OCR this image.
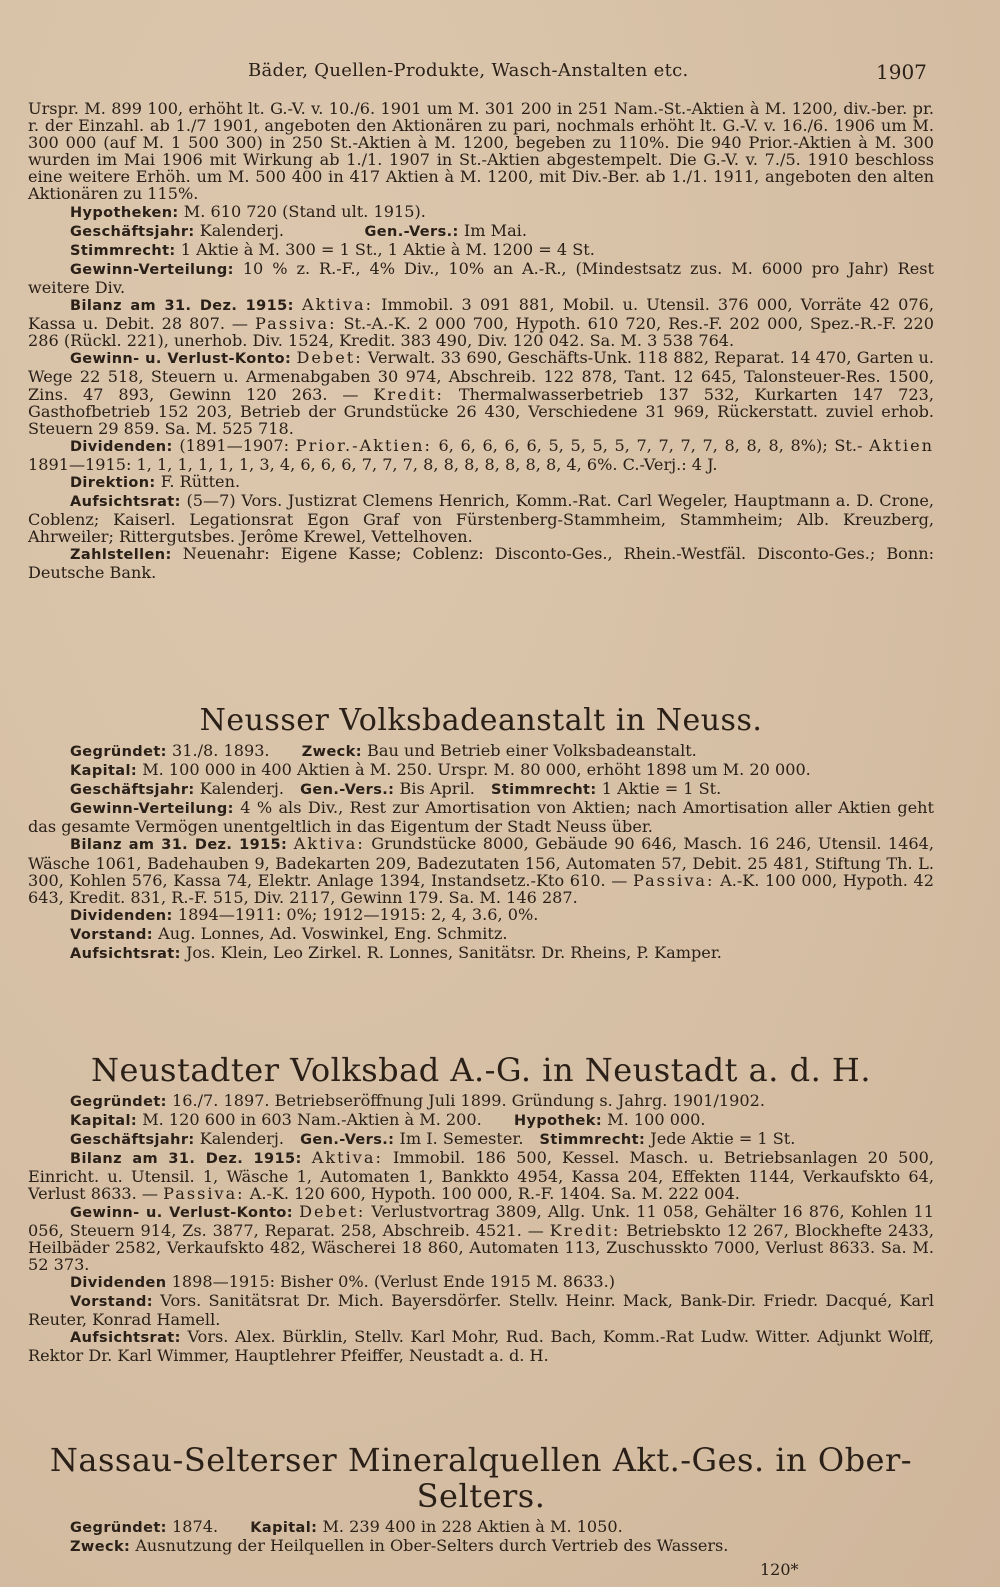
Bäder, Quellen-Produkte, Wasch-Anstalten etc.	1907

Urspr. M. 899 100, erhöht lt. G.-V. v. 10./6. 1901 um M. 301 200 in 251 Nam.-St.-Aktien à M. 1200, div.-ber. pr. r. der Einzahl. ab 1./7 1901, angeboten den Aktionären zu pari, nochmals erhöht lt. G.-V. v. 16./6. 1906 um M. 300 000 (auf M. 1 500 300) in 250 St.-Aktien à M. 1200, begeben zu 110%. Die 940 Prior.-Aktien à M. 300 wurden im Mai 1906 mit Wirkung ab 1./1. 1907 in St.-Aktien abgestempelt. Die G.-V. v. 7./5. 1910 beschloss eine weitere Erhöh. um M. 500 400 in 417 Aktien à M. 1200, mit Div.-Ber. ab 1./1. 1911, angeboten den alten Aktionären zu 115%.

Hypotheken: M. 610 720 (Stand ult. 1915).

Geschäftsjahr: Kalenderj.     	Gen.-Vers.: Im Mai.

Stimmrecht: 1 Aktie à M. 300 = 1 St., 1 Aktie à M. 1200 = 4 St.

Gewinn-Verteilung: 10 % z. R.-F., 4% Div., 10% an A.-R., (Mindestsatz zus. M. 6000 pro Jahr) Rest weitere Div.

Bilanz am 31. Dez. 1915: Aktiva: Immobil. 3 091 881, Mobil. u. Utensil. 376 000, Vorräte 42 076, Kassa u. Debit. 28 807. — Passiva: St.-A.-K. 2 000 700, Hypoth. 610 720, Res.-F. 202 000, Spez.-R.-F. 220 286 (Rückl. 221), unerhob. Div. 1524, Kredit. 383 490, Div. 120 042. Sa. M. 3 538 764.

Gewinn- u. Verlust-Konto: Debet: Verwalt. 33 690, Geschäfts-Unk. 118 882, Reparat. 14 470, Garten u. Wege 22 518, Steuern u. Armenabgaben 30 974, Abschreib. 122 878, Tant. 12 645, Talonsteuer-Res. 1500, Zins. 47 893, Gewinn 120 263. — Kredit: Thermalwasserbetrieb 137 532, Kurkarten 147 723, Gasthofbetrieb 152 203, Betrieb der Grundstücke 26 430, Verschiedene 31 969, Rückerstatt. zuviel erhob. Steuern 29 859. Sa. M. 525 718.

Dividenden: (1891—1907: Prior.-Aktien: 6, 6, 6, 6, 6, 5, 5, 5, 5, 7, 7, 7, 7, 8, 8, 8, 8%); St.- Aktien 1891—1915: 1, 1, 1, 1, 1, 1, 3, 4, 6, 6, 6, 7, 7, 7, 8, 8, 8, 8, 8, 8, 8, 4, 6%. C.-Verj.: 4 J.

Direktion: F. Rütten.

Aufsichtsrat: (5—7) Vors. Justizrat Clemens Henrich, Komm.-Rat. Carl Wegeler, Hauptmann a. D. Crone, Coblenz; Kaiserl. Legationsrat Egon Graf von Fürstenberg-Stammheim, Stammheim; Alb. Kreuzberg, Ahrweiler; Rittergutsbes. Jerôme Krewel, Vettelhoven.

Zahlstellen: Neuenahr: Eigene Kasse; Coblenz: Disconto-Ges., Rhein.-Westfäl. Disconto-Ges.; Bonn: Deutsche Bank.

Neusser Volksbadeanstalt in Neuss.

Gegründet: 31./8. 1893.   Zweck: Bau und Betrieb einer Volksbadeanstalt.

Kapital: M. 100 000 in 400 Aktien à M. 250. Urspr. M. 80 000, erhöht 1898 um M. 20 000.

Geschäftsjahr: Kalenderj.  Gen.-Vers.: Bis April.  Stimmrecht: 1 Aktie = 1 St.

Gewinn-Verteilung: 4 % als Div., Rest zur Amortisation von Aktien; nach Amortisation aller Aktien geht das gesamte Vermögen unentgeltlich in das Eigentum der Stadt Neuss über.

Bilanz am 31. Dez. 1915: Aktiva: Grundstücke 8000, Gebäude 90 646, Masch. 16 246, Utensil. 1464, Wäsche 1061, Badehauben 9, Badekarten 209, Badezutaten 156, Automaten 57, Debit. 25 481, Stiftung Th. L. 300, Kohlen 576, Kassa 74, Elektr. Anlage 1394, Instandsetz.-Kto 610. — Passiva: A.-K. 100 000, Hypoth. 42 643, Kredit. 831, R.-F. 515, Div. 2117, Gewinn 179. Sa. M. 146 287.

Dividenden: 1894—1911: 0%; 1912—1915: 2, 4, 3.6, 0%.

Vorstand: Aug. Lonnes, Ad. Voswinkel, Eng. Schmitz.

Aufsichtsrat: Jos. Klein, Leo Zirkel. R. Lonnes, Sanitätsr. Dr. Rheins, P. Kamper.

Neustadter Volksbad A.-G. in Neustadt a. d. H.

Gegründet: 16./7. 1897. Betriebseröffnung Juli 1899. Gründung s. Jahrg. 1901/1902.

Kapital: M. 120 600 in 603 Nam.-Aktien à M. 200.   Hypothek: M. 100 000.

Geschäftsjahr: Kalenderj.  Gen.-Vers.: Im I. Semester.  Stimmrecht: Jede Aktie = 1 St.

Bilanz am 31. Dez. 1915: Aktiva: Immobil. 186 500, Kessel. Masch. u. Betriebsanlagen 20 500, Einricht. u. Utensil. 1, Wäsche 1, Automaten 1, Bankkto 4954, Kassa 204, Effekten 1144, Verkaufskto 64, Verlust 8633. — Passiva: A.-K. 120 600, Hypoth. 100 000, R.-F. 1404. Sa. M. 222 004.

Gewinn- u. Verlust-Konto: Debet: Verlustvortrag 3809, Allg. Unk. 11 058, Gehälter 16 876, Kohlen 11 056, Steuern 914, Zs. 3877, Reparat. 258, Abschreib. 4521. — Kredit: Betriebskto 12 267, Blockhefte 2433, Heilbäder 2582, Verkaufskto 482, Wäscherei 18 860, Automaten 113, Zuschusskto 7000, Verlust 8633. Sa. M. 52 373.

Dividenden 1898—1915: Bisher 0%. (Verlust Ende 1915 M. 8633.)

Vorstand: Vors. Sanitätsrat Dr. Mich. Bayersdörfer. Stellv. Heinr. Mack, Bank-Dir. Friedr. Dacqué, Karl Reuter, Konrad Hamell.

Aufsichtsrat: Vors. Alex. Bürklin, Stellv. Karl Mohr, Rud. Bach, Komm.-Rat Ludw. Witter. Adjunkt Wolff, Rektor Dr. Karl Wimmer, Hauptlehrer Pfeiffer, Neustadt a. d. H.

Nassau-Selterser Mineralquellen Akt.-Ges. in Ober-Selters.

Gegründet: 1874.   Kapital: M. 239 400 in 228 Aktien à M. 1050.

Zweck: Ausnutzung der Heilquellen in Ober-Selters durch Vertrieb des Wassers.

120*
